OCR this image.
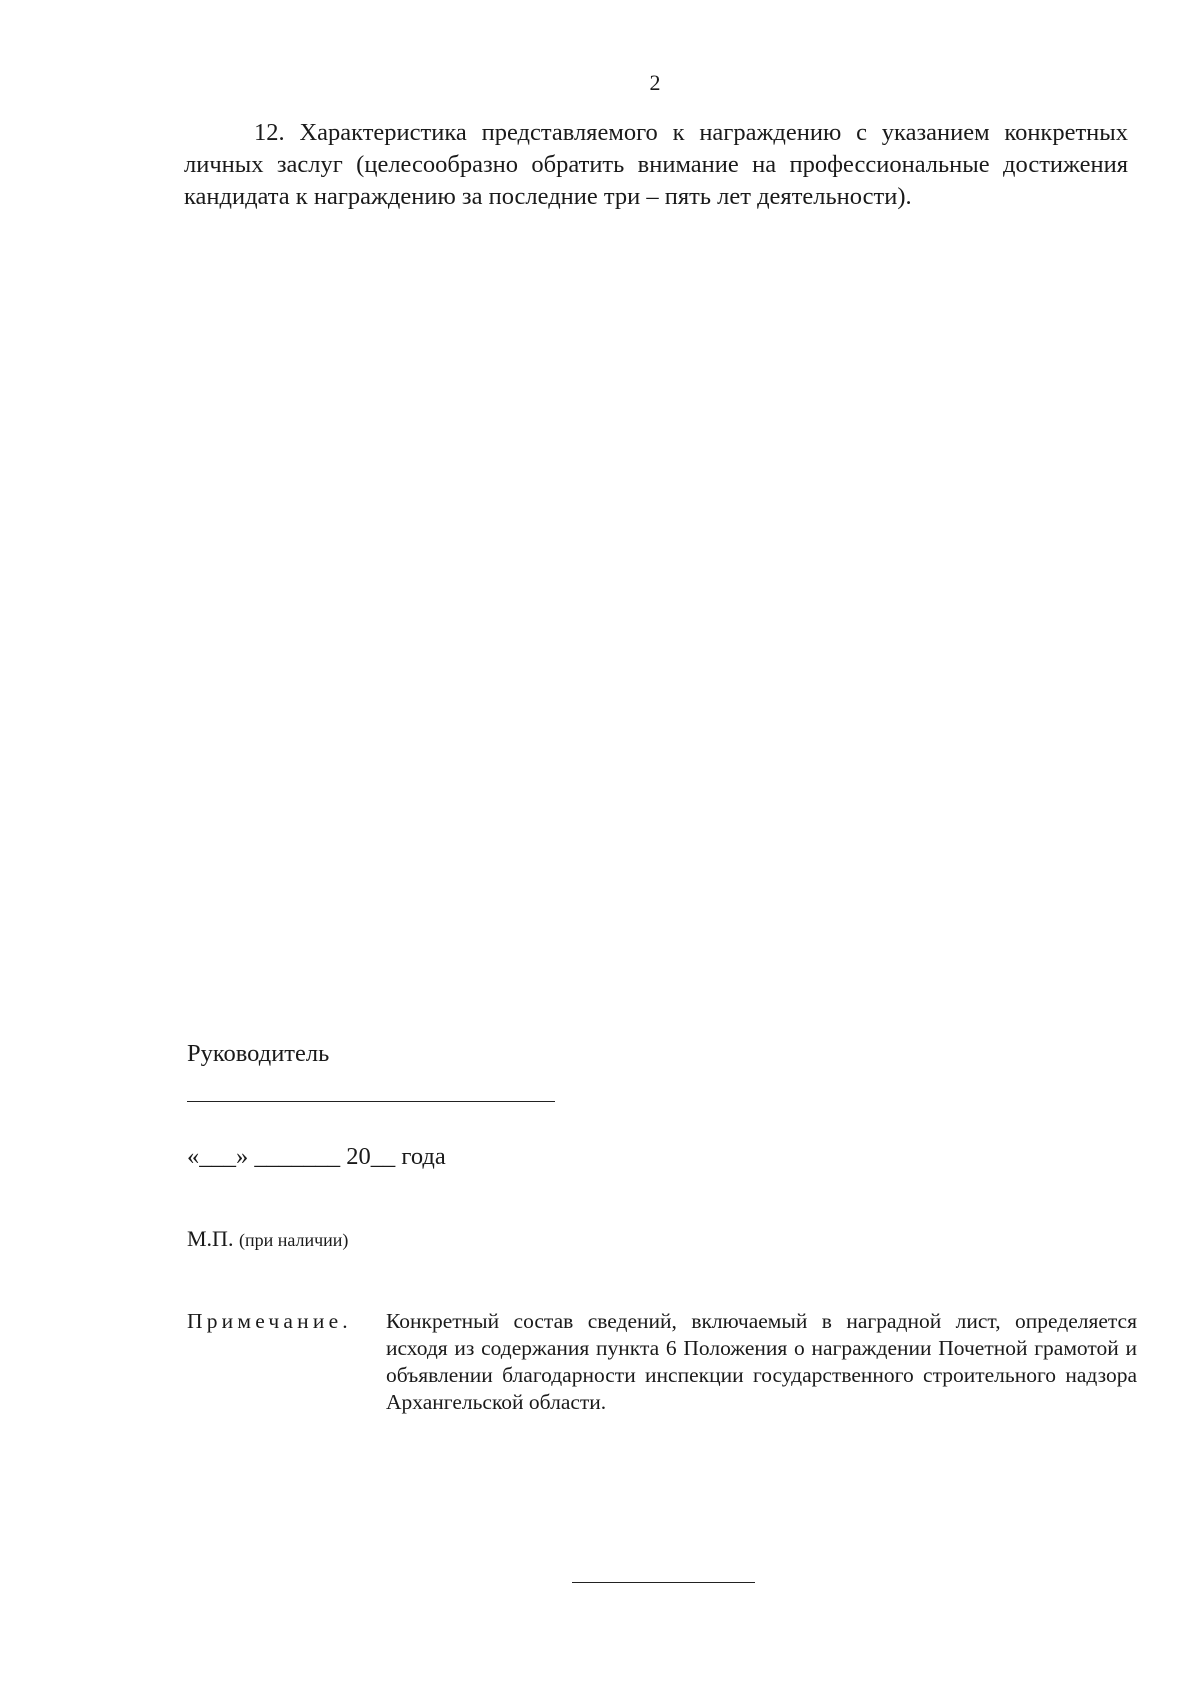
2

12. Характеристика представляемого к награждению с указанием конкретных личных заслуг (целесообразно обратить внимание на профессиональные достижения кандидата к награждению за последние три – пять лет деятельности).

Руководитель
«___» _______ 20__ года
М.П. (при наличии)
Примечание. Конкретный состав сведений, включаемый в наградной лист, определяется исходя из содержания пункта 6 Положения о награждении Почетной грамотой и объявлении благодарности инспекции государственного строительного надзора Архангельской области.
